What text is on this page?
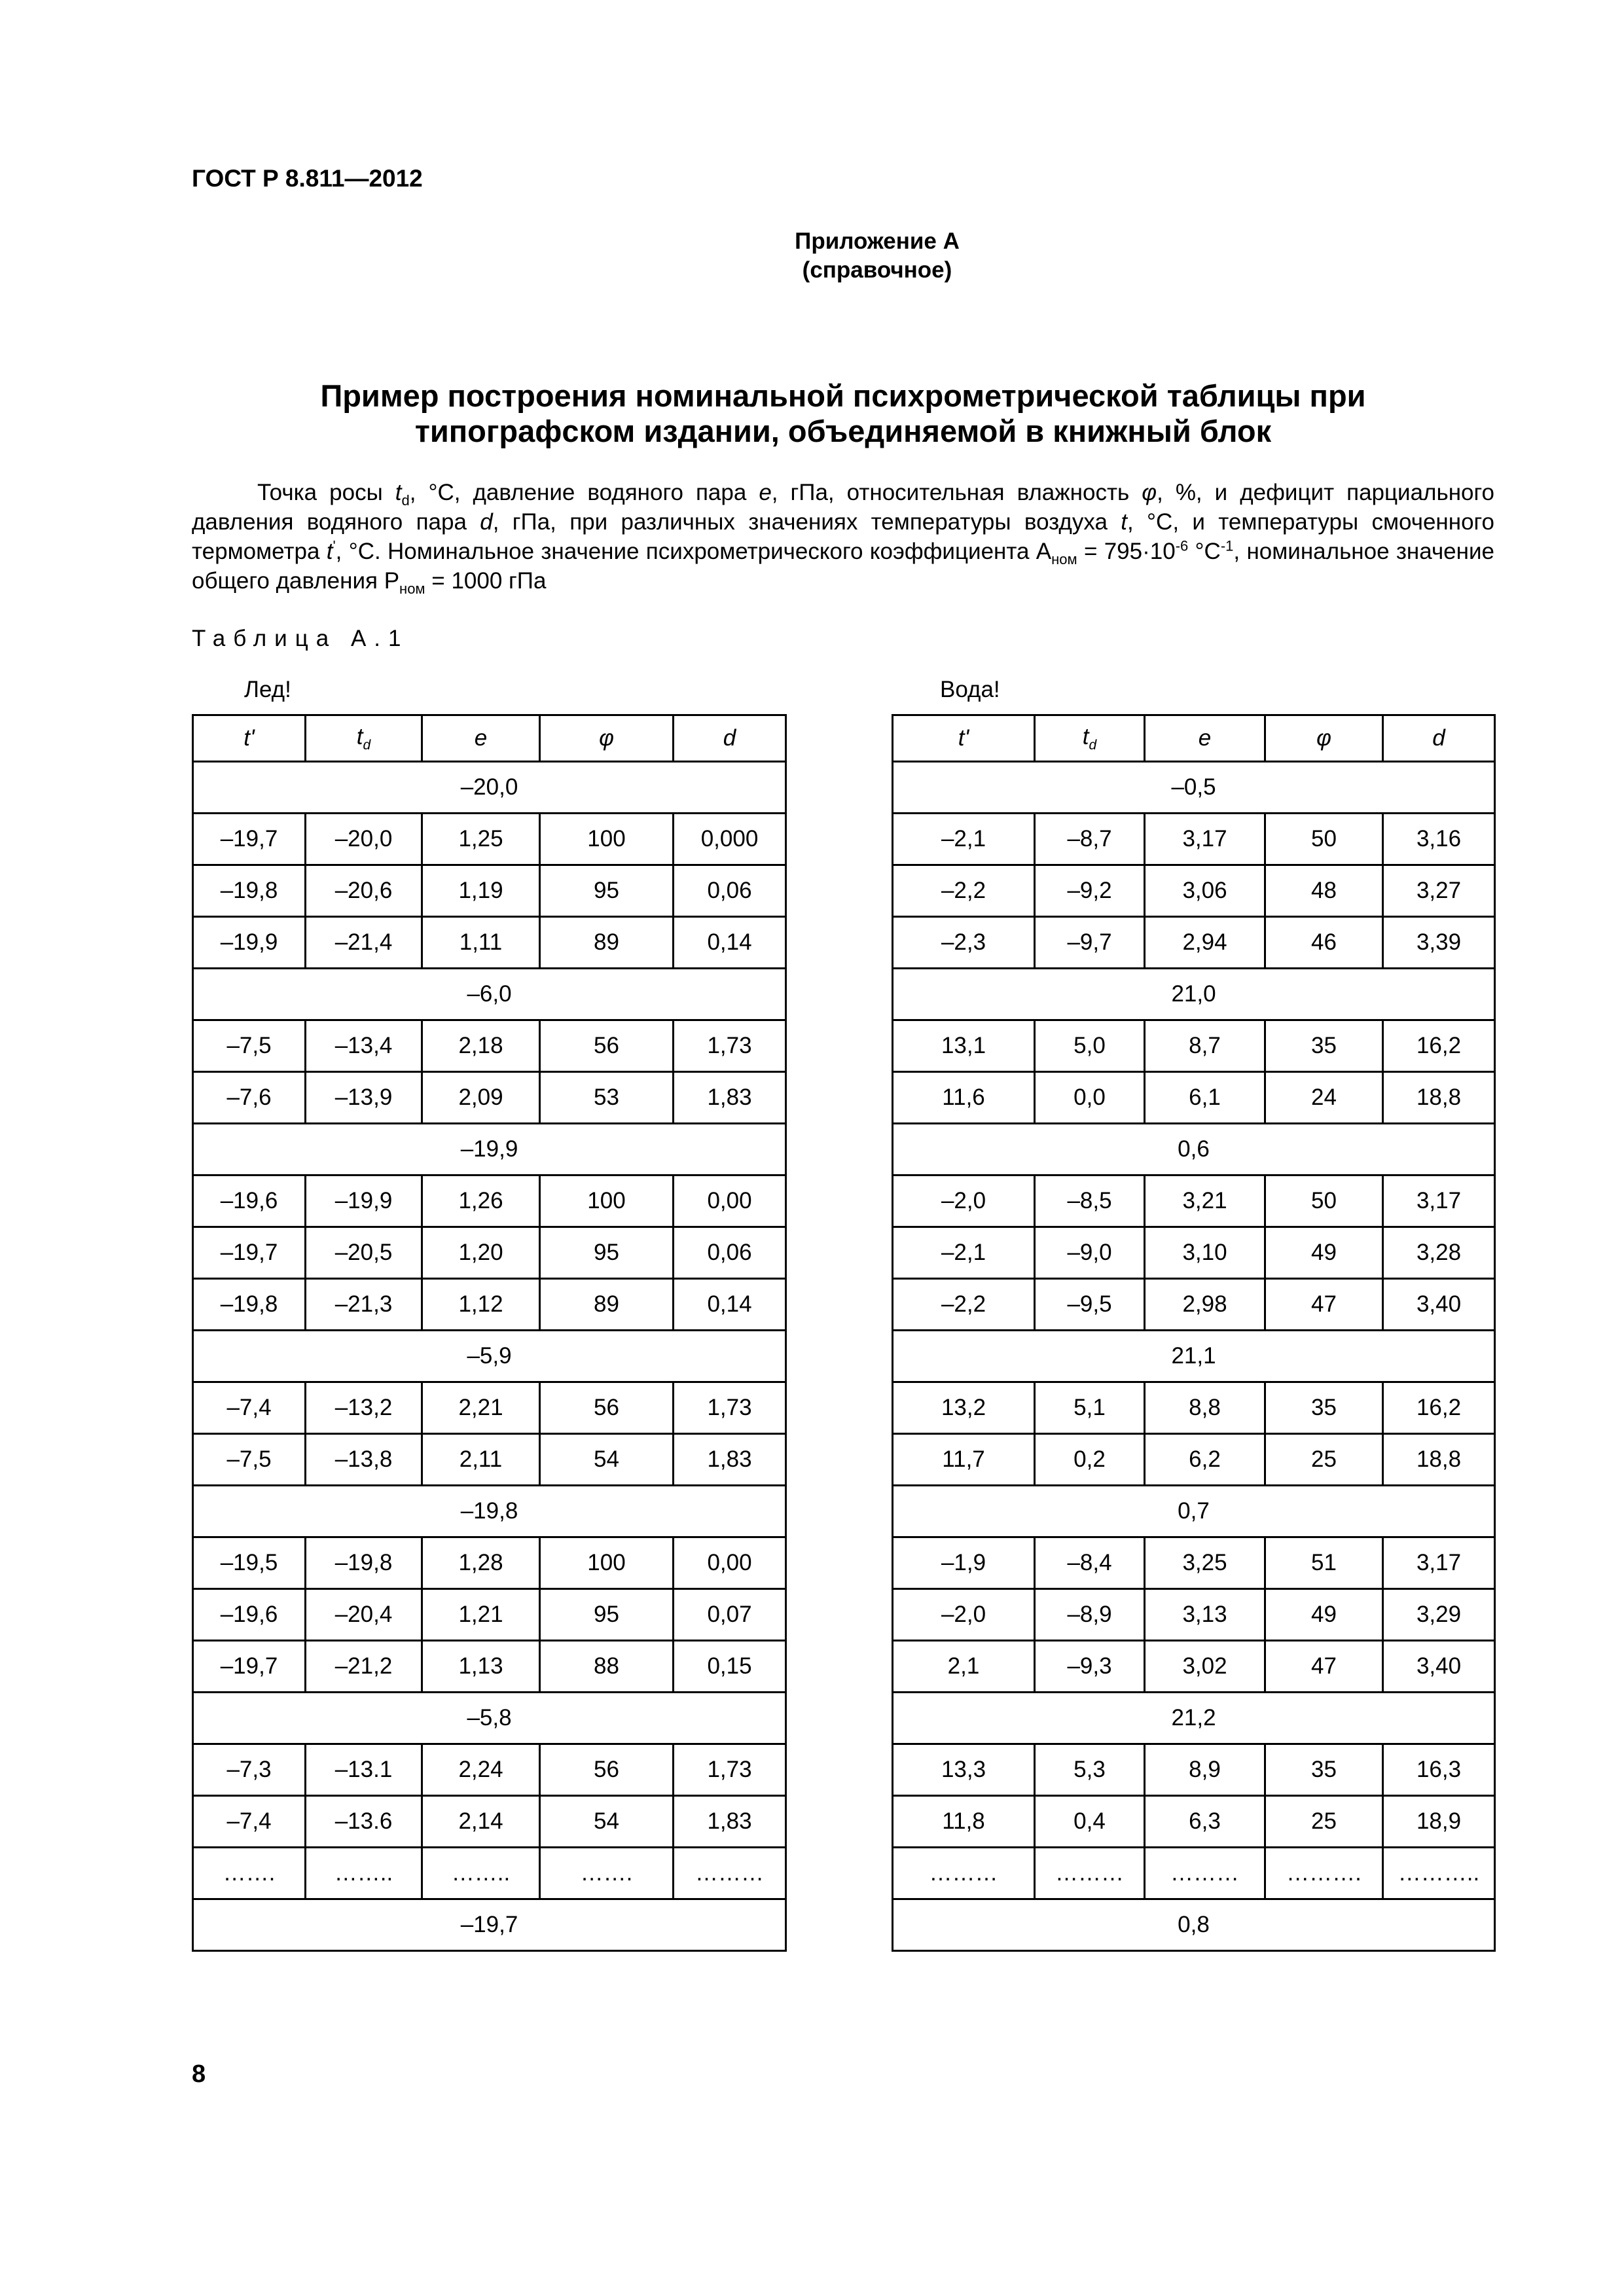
ГОСТ Р 8.811—2012
Приложение А
(справочное)
Пример построения номинальной психрометрической таблицы при
типографском издании, объединяемой в книжный блок

Точка росы $t_d$, °С, давление водяного пара e, гПа, относительная влажность φ, %, и дефицит парциального давления водяного пара d, гПа, при различных значениях температуры воздуха t, °С, и температуры смоченного термометра t', °С. Номинальное значение психрометрического коэффициента $А_{ном} = 795\cdot 10^{-6}$ $^\circ С^{-1}$, номинальное значение общего давления $Р_{ном} = 1000$ гПа

Таблица А.1
Лед!	Вода!
t'	$t_d$	e	φ	d
–20,0				
–19,7	–20,0	1,25	100	0,000
–19,8	–20,6	1,19	95	0,06
–19,9	–21,4	1,11	89	0,14
–6,0				
–7,5	–13,4	2,18	56	1,73
–7,6	–13,9	2,09	53	1,83
–19,9				
–19,6	–19,9	1,26	100	0,00
–19,7	–20,5	1,20	95	0,06
–19,8	–21,3	1,12	89	0,14
–5,9				
–7,4	–13,2	2,21	56	1,73
–7,5	–13,8	2,11	54	1,83
–19,8				
–19,5	–19,8	1,28	100	0,00
–19,6	–20,4	1,21	95	0,07
–19,7	–21,2	1,13	88	0,15
–5,8				
–7,3	–13.1	2,24	56	1,73
–7,4	–13.6	2,14	54	1,83
…….	……..	……..	…….	………
–19,7				
t'	$t_d$	e	φ	d
–0,5				
–2,1	–8,7	3,17	50	3,16
–2,2	–9,2	3,06	48	3,27
–2,3	–9,7	2,94	46	3,39
21,0				
13,1	5,0	8,7	35	16,2
11,6	0,0	6,1	24	18,8
0,6				
–2,0	–8,5	3,21	50	3,17
–2,1	–9,0	3,10	49	3,28
–2,2	–9,5	2,98	47	3,40
21,1				
13,2	5,1	8,8	35	16,2
11,7	0,2	6,2	25	18,8
0,7				
–1,9	–8,4	3,25	51	3,17
–2,0	–8,9	3,13	49	3,29
2,1	–9,3	3,02	47	3,40
21,2				
13,3	5,3	8,9	35	16,3
11,8	0,4	6,3	25	18,9
………	………	………	……….	………..
0,8				
8
